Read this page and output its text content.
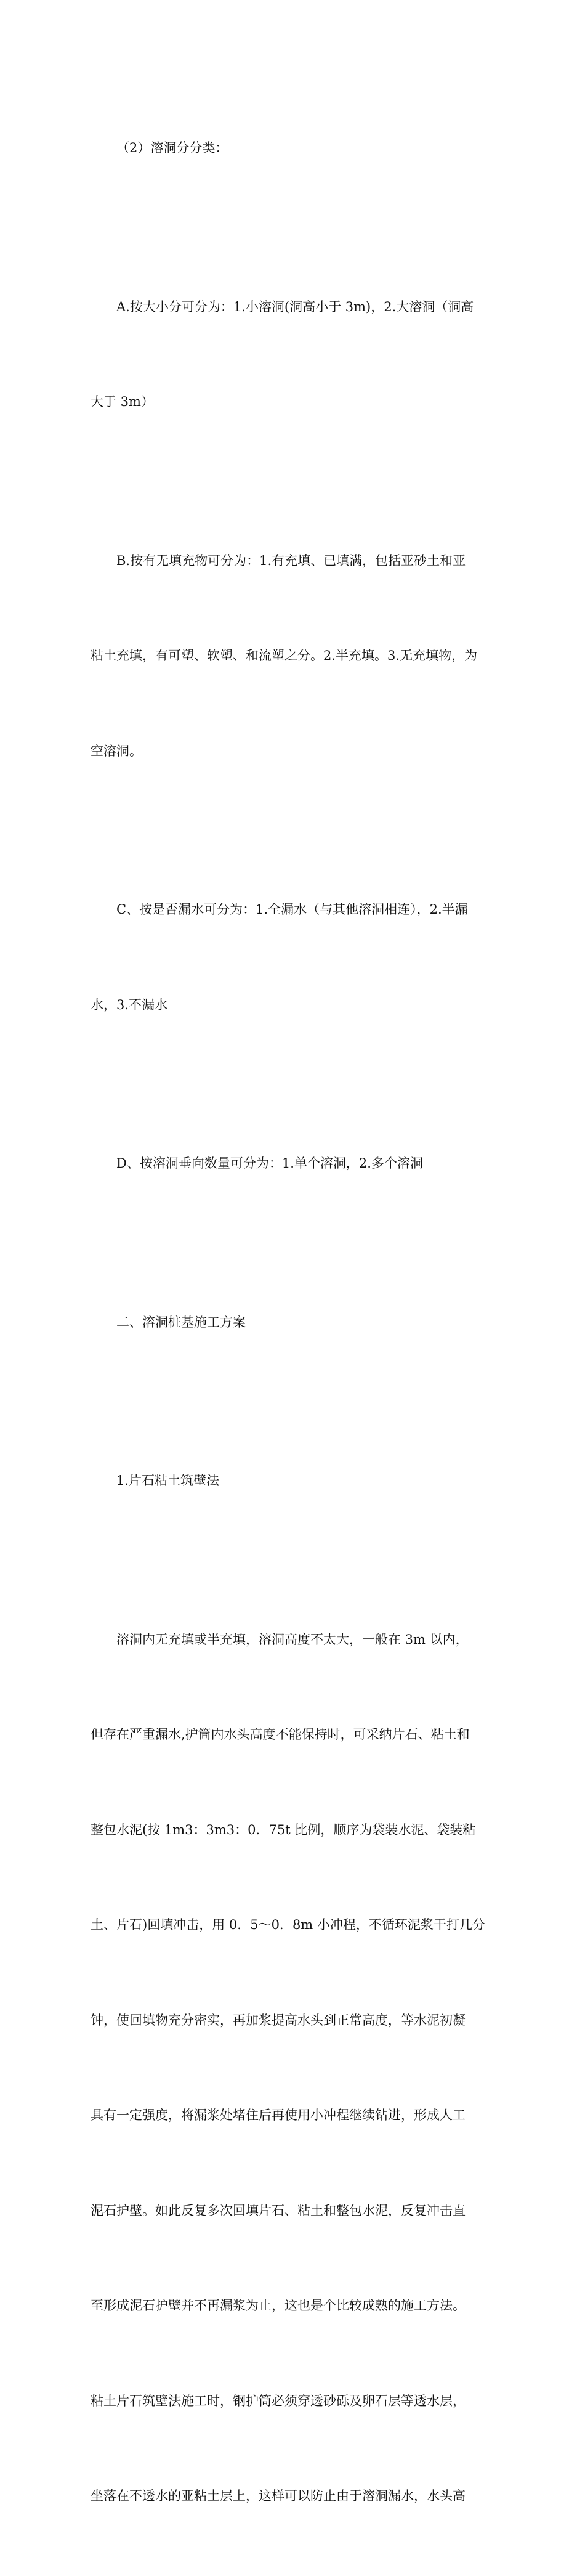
（2）溶洞分分类：

A.按大小分可分为：1.小溶洞(洞高小于 3m)，2.大溶洞（洞高

大于 3m）

B.按有无填充物可分为：1.有充填、已填满，包括亚砂土和亚

粘土充填，有可塑、软塑、和流塑之分。2.半充填。3.无充填物，为

空溶洞。

C、按是否漏水可分为：1.全漏水（与其他溶洞相连），2.半漏

水，3.不漏水

D、按溶洞垂向数量可分为：1.单个溶洞，2.多个溶洞

二、溶洞桩基施工方案

1.片石粘土筑壁法

溶洞内无充填或半充填，溶洞高度不太大，一般在 3m 以内，

但存在严重漏水,护筒内水头高度不能保持时，可采纳片石、粘土和

整包水泥(按 1m3：3m3：0．75t 比例，顺序为袋装水泥、袋装粘

土、片石)回填冲击，用 0．5～0．8m 小冲程，不循环泥浆干打几分

钟，使回填物充分密实，再加浆提高水头到正常高度，等水泥初凝

具有一定强度，将漏浆处堵住后再使用小冲程继续钻进，形成人工

泥石护壁。如此反复多次回填片石、粘土和整包水泥，反复冲击直

至形成泥石护壁并不再漏浆为止，这也是个比较成熟的施工方法。

粘土片石筑壁法施工时，钢护筒必须穿透砂砾及卵石层等透水层，

坐落在不透水的亚粘土层上，这样可以防止由于溶洞漏水，水头高
